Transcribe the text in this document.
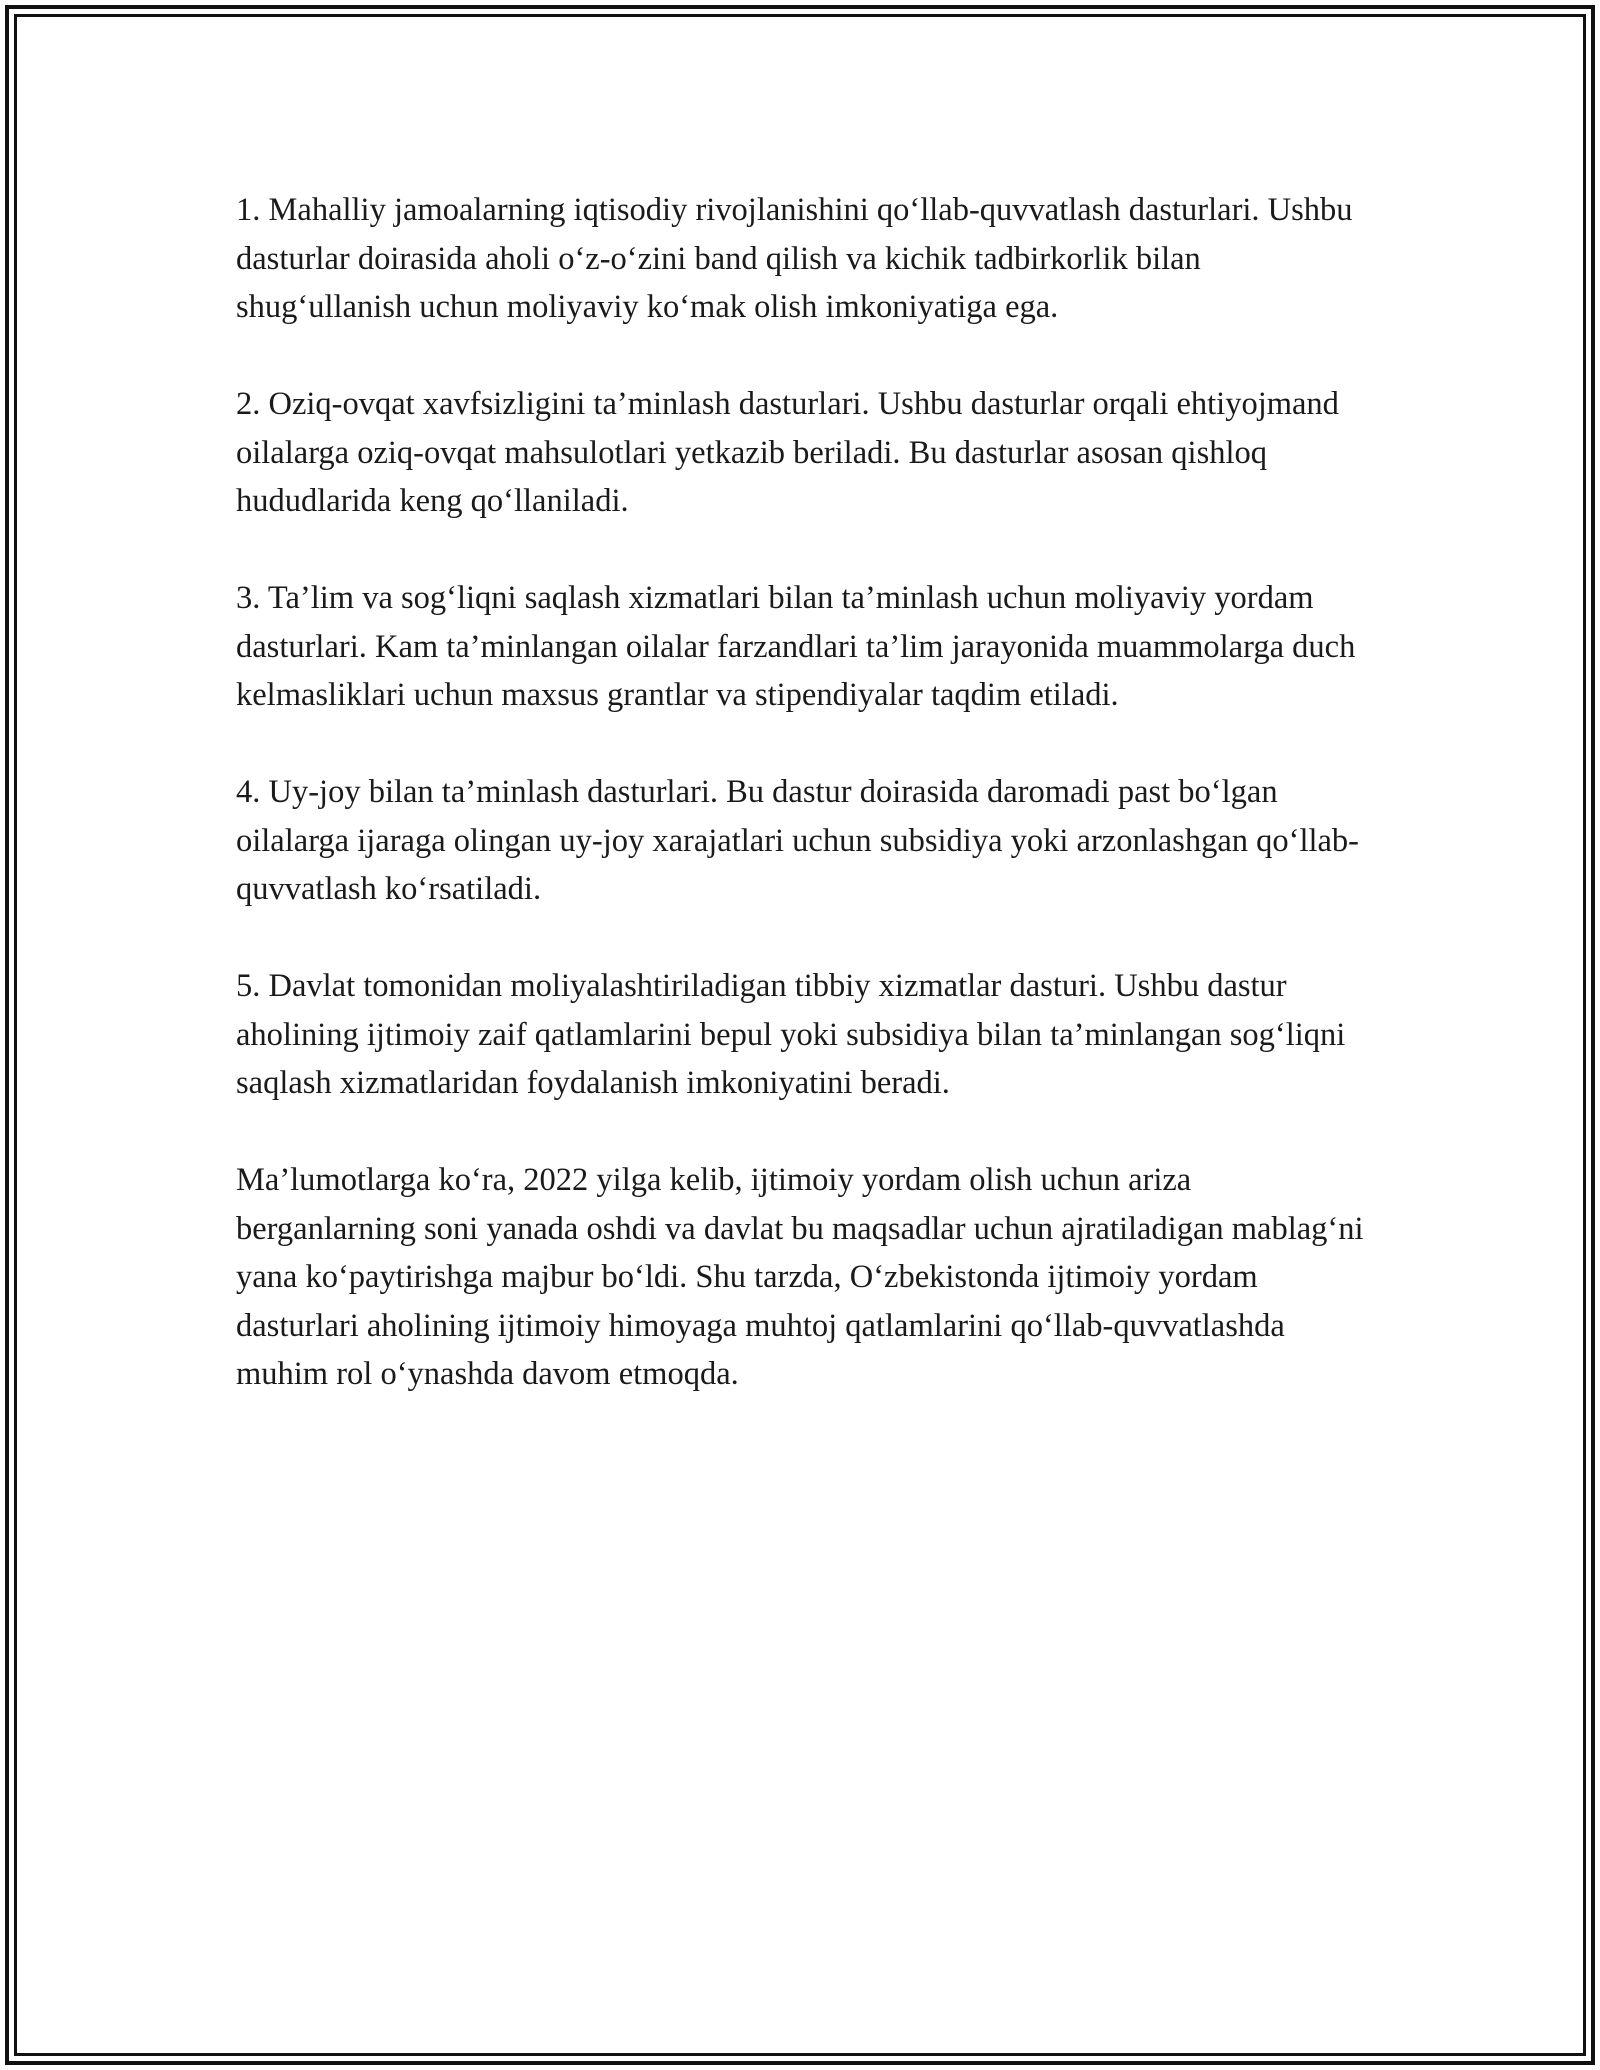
1. Mahalliy jamoalarning iqtisodiy rivojlanishini qo‘llab-quvvatlash dasturlari. Ushbu dasturlar doirasida aholi o‘z-o‘zini band qilish va kichik tadbirkorlik bilan shug‘ullanish uchun moliyaviy ko‘mak olish imkoniyatiga ega.

2. Oziq-ovqat xavfsizligini ta’minlash dasturlari. Ushbu dasturlar orqali ehtiyojmand oilalarga oziq-ovqat mahsulotlari yetkazib beriladi. Bu dasturlar asosan qishloq hududlarida keng qo‘llaniladi.

3. Ta’lim va sog‘liqni saqlash xizmatlari bilan ta’minlash uchun moliyaviy yordam dasturlari. Kam ta’minlangan oilalar farzandlari ta’lim jarayonida muammolarga duch kelmasliklari uchun maxsus grantlar va stipendiyalar taqdim etiladi.

4. Uy-joy bilan ta’minlash dasturlari. Bu dastur doirasida daromadi past bo‘lgan oilalarga ijaraga olingan uy-joy xarajatlari uchun subsidiya yoki arzonlashgan qo‘llab-quvvatlash ko‘rsatiladi.

5. Davlat tomonidan moliyalashtiriladigan tibbiy xizmatlar dasturi. Ushbu dastur aholining ijtimoiy zaif qatlamlarini bepul yoki subsidiya bilan ta’minlangan sog‘liqni saqlash xizmatlaridan foydalanish imkoniyatini beradi.

Ma’lumotlarga ko‘ra, 2022 yilga kelib, ijtimoiy yordam olish uchun ariza berganlarning soni yanada oshdi va davlat bu maqsadlar uchun ajratiladigan mablag‘ni yana ko‘paytirishga majbur bo‘ldi. Shu tarzda, O‘zbekistonda ijtimoiy yordam dasturlari aholining ijtimoiy himoyaga muhtoj qatlamlarini qo‘llab-quvvatlashda muhim rol o‘ynashda davom etmoqda.
